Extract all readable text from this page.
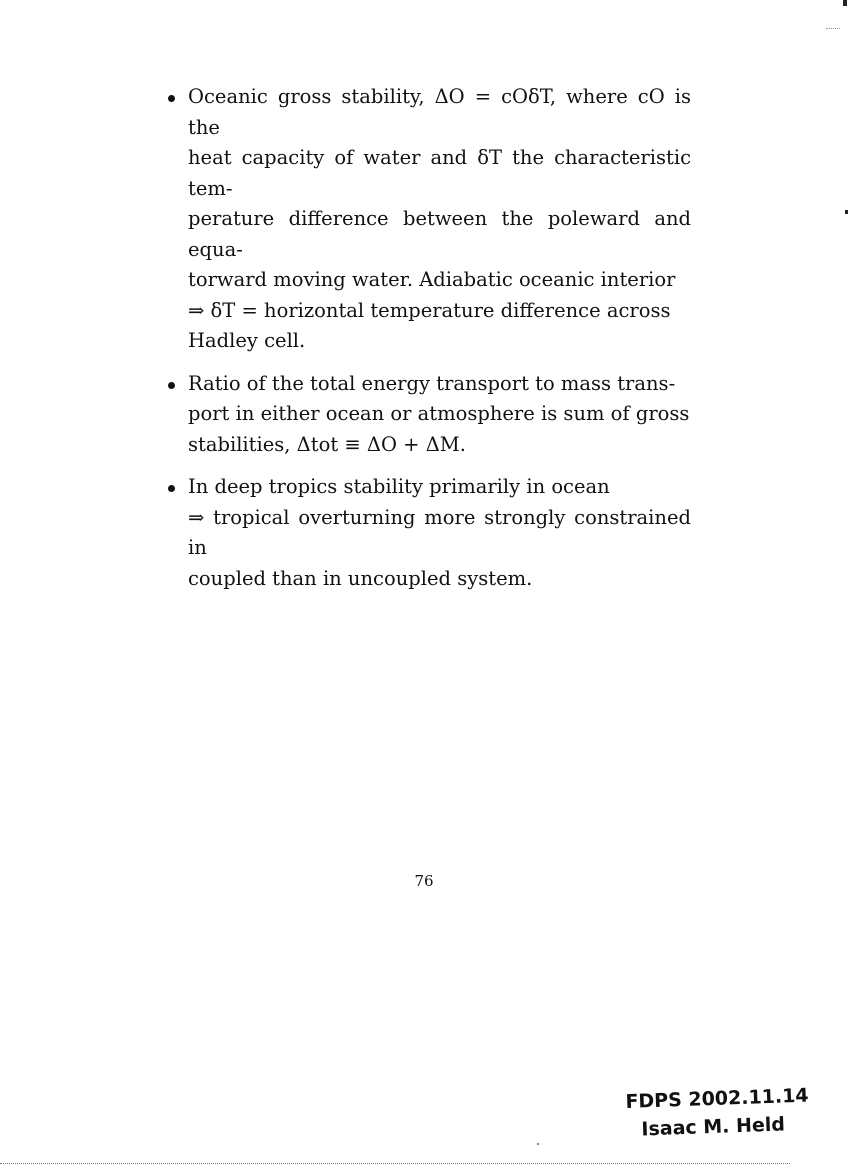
Oceanic gross stability, ΔO = cOδT, where cO is the
heat capacity of water and δT the characteristic tem-
perature difference between the poleward and equa-
torward moving water. Adiabatic oceanic interior
⇒ δT = horizontal temperature difference across
Hadley cell.
Ratio of the total energy transport to mass trans-
port in either ocean or atmosphere is sum of gross
stabilities, Δtot ≡ ΔO + ΔM.
In deep tropics stability primarily in ocean
⇒ tropical overturning more strongly constrained in
coupled than in uncoupled system.
76
FDPS 2002.11.14
Isaac M. Held
